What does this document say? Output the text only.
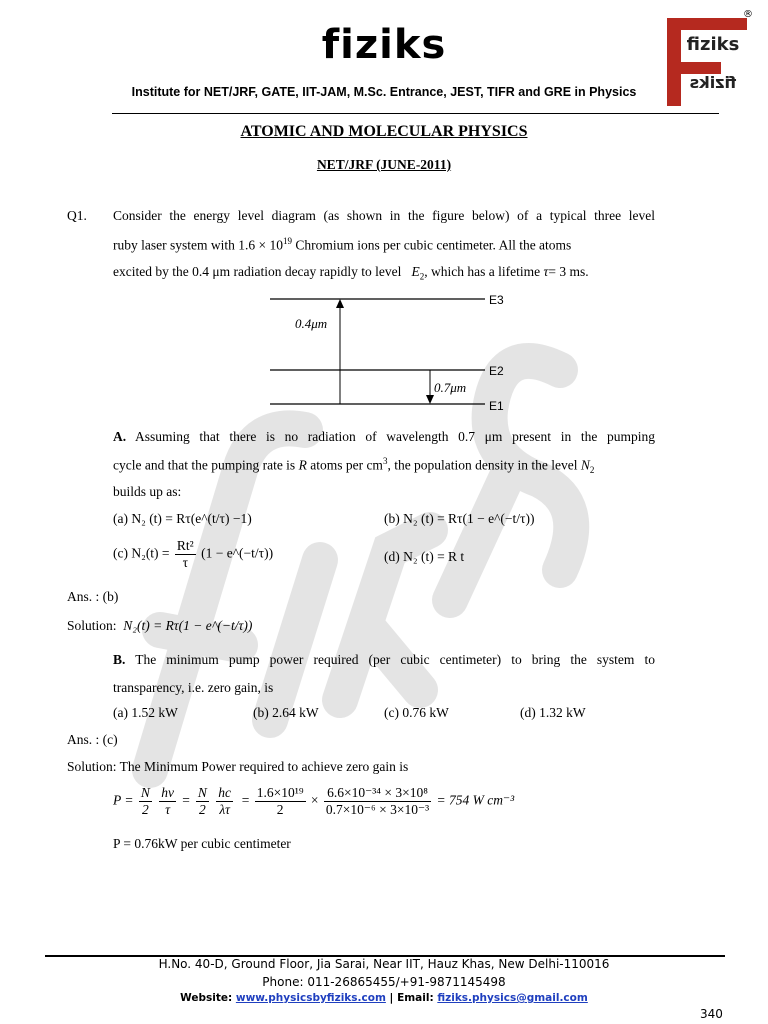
fiziks
Institute for NET/JRF, GATE, IIT-JAM, M.Sc. Entrance, JEST, TIFR and GRE in Physics
fiziks
fiziks
®
ATOMIC AND MOLECULAR PHYSICS
NET/JRF (JUNE-2011)
Q1. Consider the energy level diagram (as shown in the figure below) of a typical three level
ruby laser system with $1.6 \times 10^{19}$ Chromium ions per cubic centimeter. All the atoms
excited by the 0.4 μm radiation decay rapidly to level $E_2$, which has a lifetime τ= 3 ms.
0.4μm
0.7μm
E3
E2
E1
A. Assuming that there is no radiation of wavelength 0.7 μm present in the pumping
cycle and that the pumping rate is R atoms per $cm^3$, the population density in the level $N_2$
builds up as:
(a) N₂ (t) = Rτ(e^(t/τ) −1)	(b) N₂ (t) = Rτ(1 − e^(−t/τ))
(c) $N_2(t) = \frac{\text{Rt²}}{\tau} (1$ − e^(−t/τ))	(d) N₂ (t) = R t
Ans. : (b)
Solution: N₂(t) = Rτ(1 − e^(−t/τ))
B. The minimum pump power required (per cubic centimeter) to bring the system to
transparency, i.e. zero gain, is
(a) 1.52 kW	(b) 2.64 kW	(c) 0.76 kW	(d) 1.32 kW
Ans. : (c)
Solution: The Minimum Power required to achieve zero gain is
$P = \frac{N}{2}$
$\frac{h\nu}{\tau} = \frac{N}{2}$
$\frac{hc}{\lambda\tau} = \frac{\text{1.6×10¹⁹}}{2} \times \frac{\text{6.6×10⁻³⁴ × 3×10⁸}}{\text{0.7×10⁻⁶ × 3×10⁻³}} = 754$ W cm⁻³
P = 0.76kW per cubic centimeter
H.No. 40-D, Ground Floor, Jia Sarai, Near IIT, Hauz Khas, New Delhi-110016
Phone: 011-26865455/+91-9871145498
Website: www.physicsbyfiziks.com | Email: fiziks.physics@gmail.com
340
